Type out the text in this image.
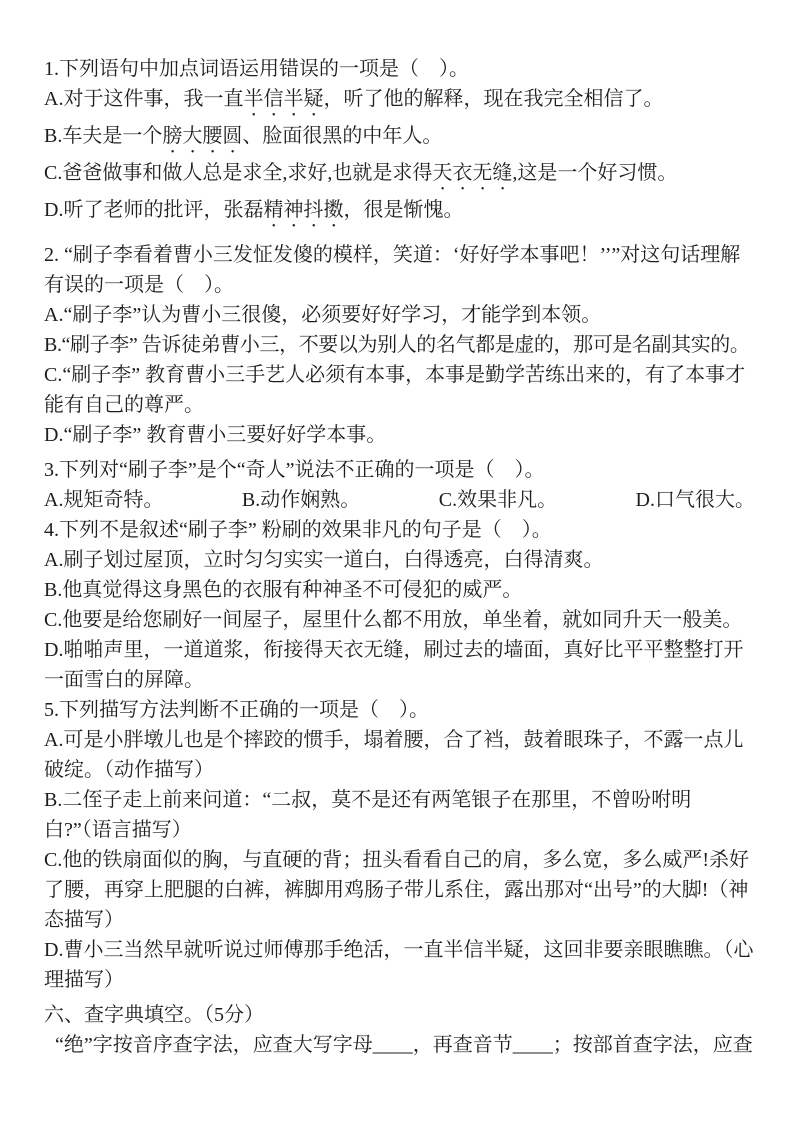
1.下列语句中加点词语运用错误的一项是（　）。

A.对于这件事，我一直半信半疑，听了他的解释，现在我完全相信了。

B.车夫是一个膀大腰圆、脸面很黑的中年人。

C.爸爸做事和做人总是求全,求好,也就是求得天衣无缝,这是一个好习惯。

D.听了老师的批评，张磊精神抖擞，很是惭愧。

2. “刷子李看着曹小三发怔发傻的模样，笑道：‘好好学本事吧！’’”对这句话理解有误的一项是（　）。

A.“刷子李”认为曹小三很傻，必须要好好学习，才能学到本领。

B.“刷子李” 告诉徒弟曹小三，不要以为别人的名气都是虚的，那可是名副其实的。

C.“刷子李” 教育曹小三手艺人必须有本事，本事是勤学苦练出来的，有了本事才能有自己的尊严。

D.“刷子李” 教育曹小三要好好学本事。

3.下列对“刷子李”是个“奇人”说法不正确的一项是（　）。

A.规矩奇特。	B.动作娴熟。	C.效果非凡。	D.口气很大。

4.下列不是叙述“刷子李” 粉刷的效果非凡的句子是（　）。

A.刷子划过屋顶，立时匀匀实实一道白，白得透亮，白得清爽。

B.他真觉得这身黑色的衣服有种神圣不可侵犯的威严。

C.他要是给您刷好一间屋子，屋里什么都不用放，单坐着，就如同升天一般美。

D.啪啪声里，一道道浆，衔接得天衣无缝，刷过去的墙面，真好比平平整整打开一面雪白的屏障。

5.下列描写方法判断不正确的一项是（　）。

A.可是小胖墩儿也是个摔跤的惯手，塌着腰，合了裆，鼓着眼珠子，不露一点儿破绽。（动作描写）

B.二侄子走上前来问道：“二叔，莫不是还有两笔银子在那里，不曾吩咐明白?”（语言描写）

C.他的铁扇面似的胸，与直硬的背；扭头看看自己的肩，多么宽，多么威严!杀好了腰，再穿上肥腿的白裤，裤脚用鸡肠子带儿系住，露出那对“出号”的大脚!（神态描写）

D.曹小三当然早就听说过师傅那手绝活，一直半信半疑，这回非要亲眼瞧瞧。（心理描写）

六、查字典填空。（5分）

“绝”字按音序查字法，应查大写字母____，再查音节____；按部首查字法，应查
